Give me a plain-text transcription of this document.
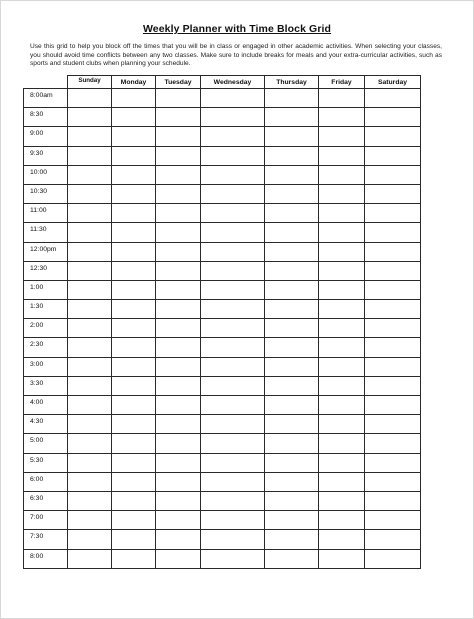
Weekly Planner with Time Block Grid
Use this grid to help you block off the times that you will be in class or engaged in other academic activities. When selecting your classes, you should avoid time conflicts between any two classes. Make sure to include breaks for meals and your extra-curricular activities, such as sports and student clubs when planning your schedule.
	Sunday	Monday	Tuesday	Wednesday	Thursday	Friday	Saturday
8:00am							
8:30							
9:00							
9:30							
10:00							
10:30							
11:00							
11:30							
12:00pm							
12:30							
1:00							
1:30							
2:00							
2:30							
3:00							
3:30							
4:00							
4:30							
5:00							
5:30							
6:00							
6:30							
7:00							
7:30							
8:00							
